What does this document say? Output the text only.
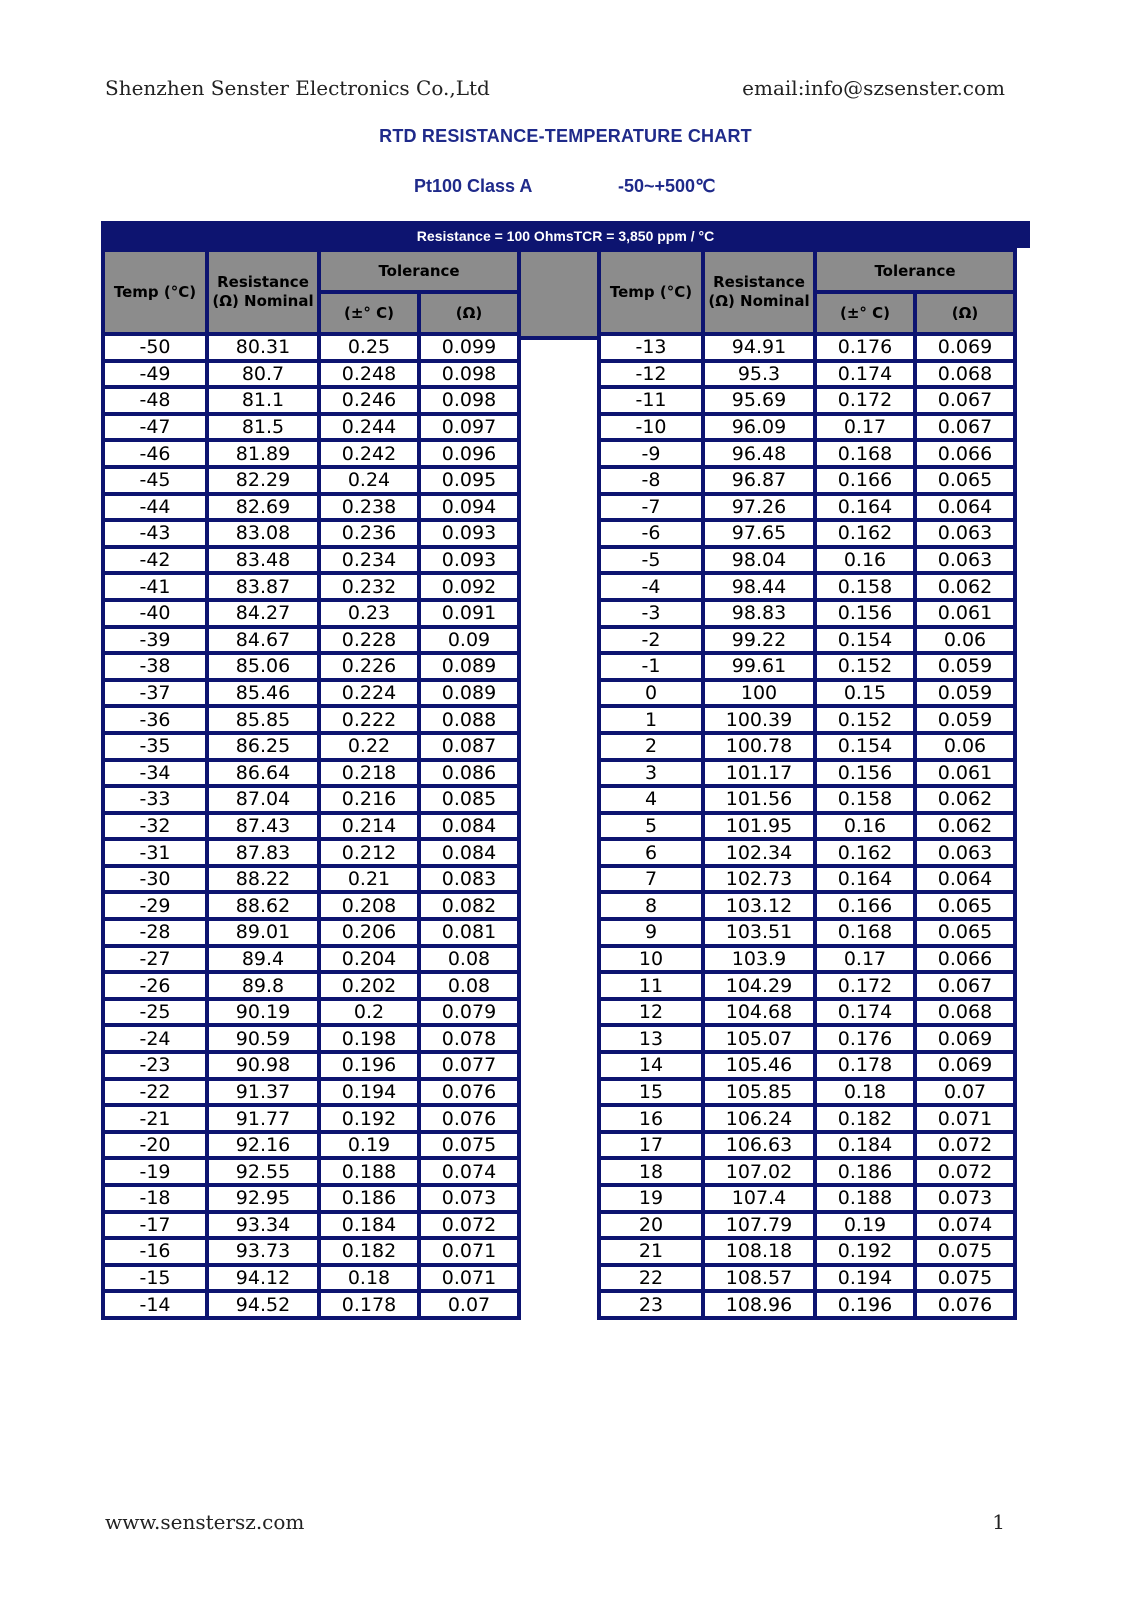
Shenzhen Senster Electronics Co.,Ltd	email:info@szsenster.com
RTD RESISTANCE-TEMPERATURE CHART
Pt100 Class A	-50~+500℃
Resistance = 100 OhmsTCR = 3,850 ppm / °C
Temp (°C)	Resistance (Ω) Nominal	Tolerance	
		(±° C)	(Ω)
-50	80.31	0.25	0.099
-49	80.7	0.248	0.098
-48	81.1	0.246	0.098
-47	81.5	0.244	0.097
-46	81.89	0.242	0.096
-45	82.29	0.24	0.095
-44	82.69	0.238	0.094
-43	83.08	0.236	0.093
-42	83.48	0.234	0.093
-41	83.87	0.232	0.092
-40	84.27	0.23	0.091
-39	84.67	0.228	0.09
-38	85.06	0.226	0.089
-37	85.46	0.224	0.089
-36	85.85	0.222	0.088
-35	86.25	0.22	0.087
-34	86.64	0.218	0.086
-33	87.04	0.216	0.085
-32	87.43	0.214	0.084
-31	87.83	0.212	0.084
-30	88.22	0.21	0.083
-29	88.62	0.208	0.082
-28	89.01	0.206	0.081
-27	89.4	0.204	0.08
-26	89.8	0.202	0.08
-25	90.19	0.2	0.079
-24	90.59	0.198	0.078
-23	90.98	0.196	0.077
-22	91.37	0.194	0.076
-21	91.77	0.192	0.076
-20	92.16	0.19	0.075
-19	92.55	0.188	0.074
-18	92.95	0.186	0.073
-17	93.34	0.184	0.072
-16	93.73	0.182	0.071
-15	94.12	0.18	0.071
-14	94.52	0.178	0.07
Temp (°C)	Resistance (Ω) Nominal	Tolerance	
		(±° C)	(Ω)
-13	94.91	0.176	0.069
-12	95.3	0.174	0.068
-11	95.69	0.172	0.067
-10	96.09	0.17	0.067
-9	96.48	0.168	0.066
-8	96.87	0.166	0.065
-7	97.26	0.164	0.064
-6	97.65	0.162	0.063
-5	98.04	0.16	0.063
-4	98.44	0.158	0.062
-3	98.83	0.156	0.061
-2	99.22	0.154	0.06
-1	99.61	0.152	0.059
0	100	0.15	0.059
1	100.39	0.152	0.059
2	100.78	0.154	0.06
3	101.17	0.156	0.061
4	101.56	0.158	0.062
5	101.95	0.16	0.062
6	102.34	0.162	0.063
7	102.73	0.164	0.064
8	103.12	0.166	0.065
9	103.51	0.168	0.065
10	103.9	0.17	0.066
11	104.29	0.172	0.067
12	104.68	0.174	0.068
13	105.07	0.176	0.069
14	105.46	0.178	0.069
15	105.85	0.18	0.07
16	106.24	0.182	0.071
17	106.63	0.184	0.072
18	107.02	0.186	0.072
19	107.4	0.188	0.073
20	107.79	0.19	0.074
21	108.18	0.192	0.075
22	108.57	0.194	0.075
23	108.96	0.196	0.076
www.senstersz.com	1
